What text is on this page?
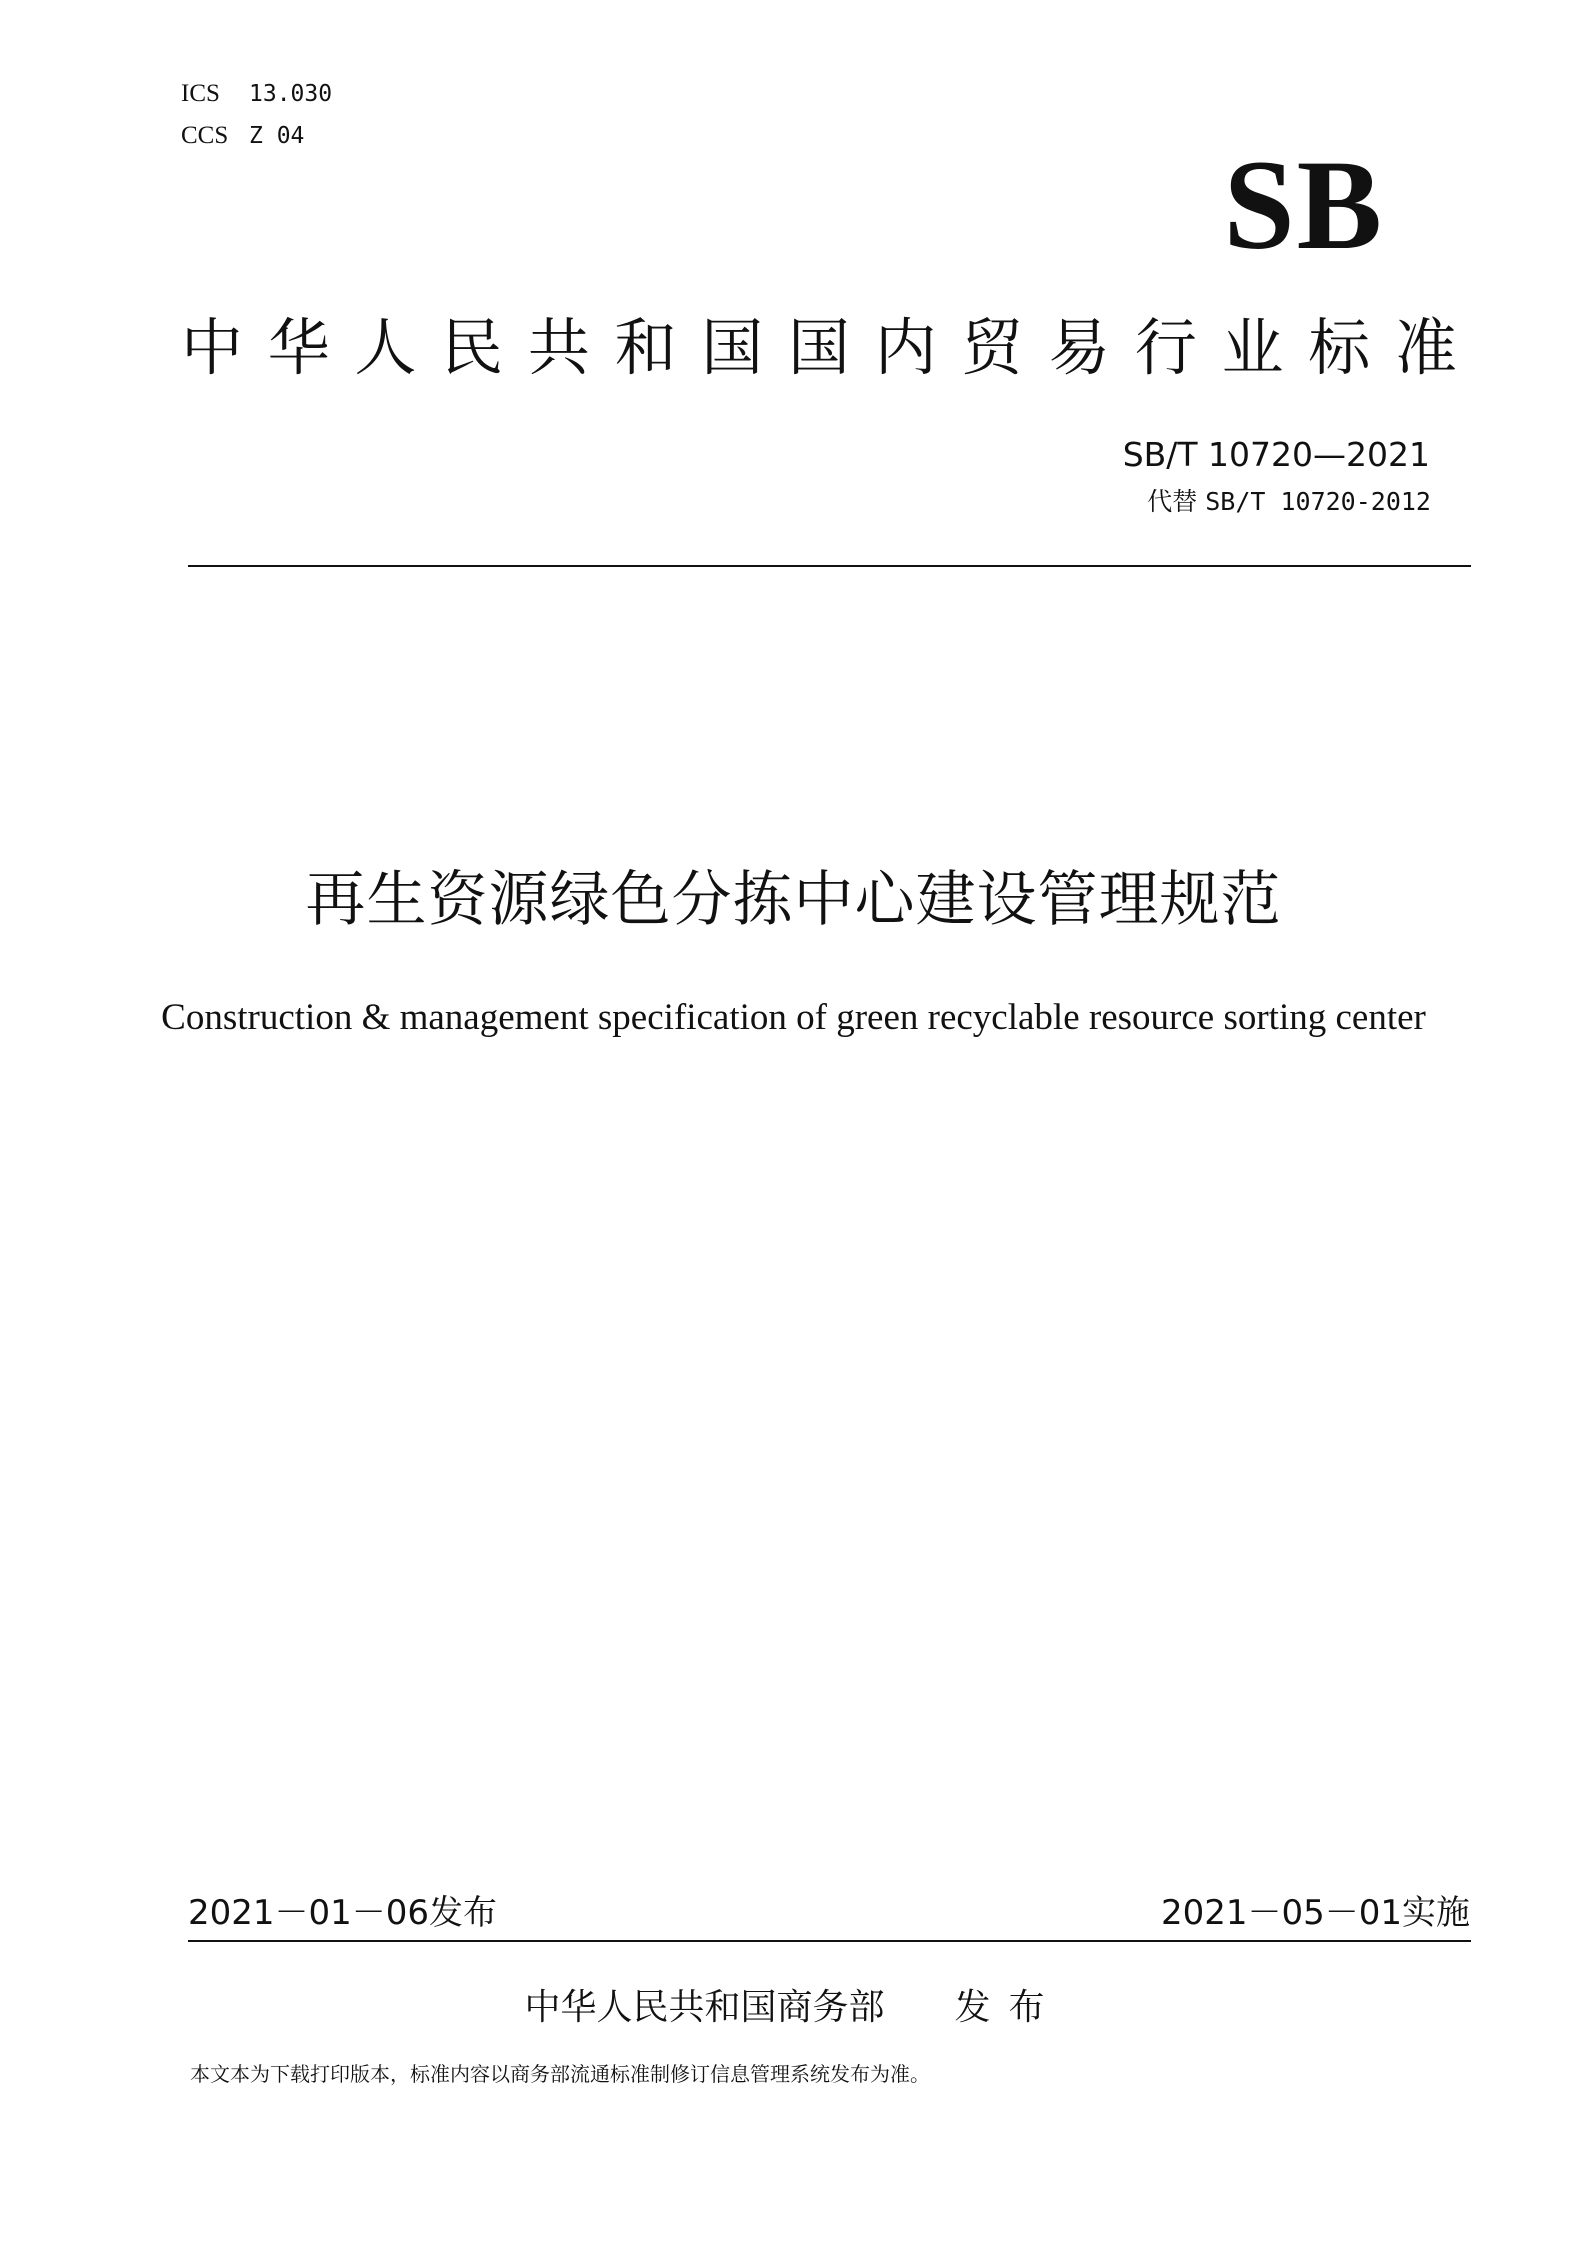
ICS 13.030
CCS Z 04	SB
中华人民共和国国内贸易行业标准
SB/T 10720—2021
代替 SB/T 10720-2012
再生资源绿色分拣中心建设管理规范
Construction & management specification of green recyclable resource sorting center
2021－01－06发布	2021－05－01实施
中华人民共和国商务部 发布
本文本为下载打印版本，标准内容以商务部流通标准制修订信息管理系统发布为准。
